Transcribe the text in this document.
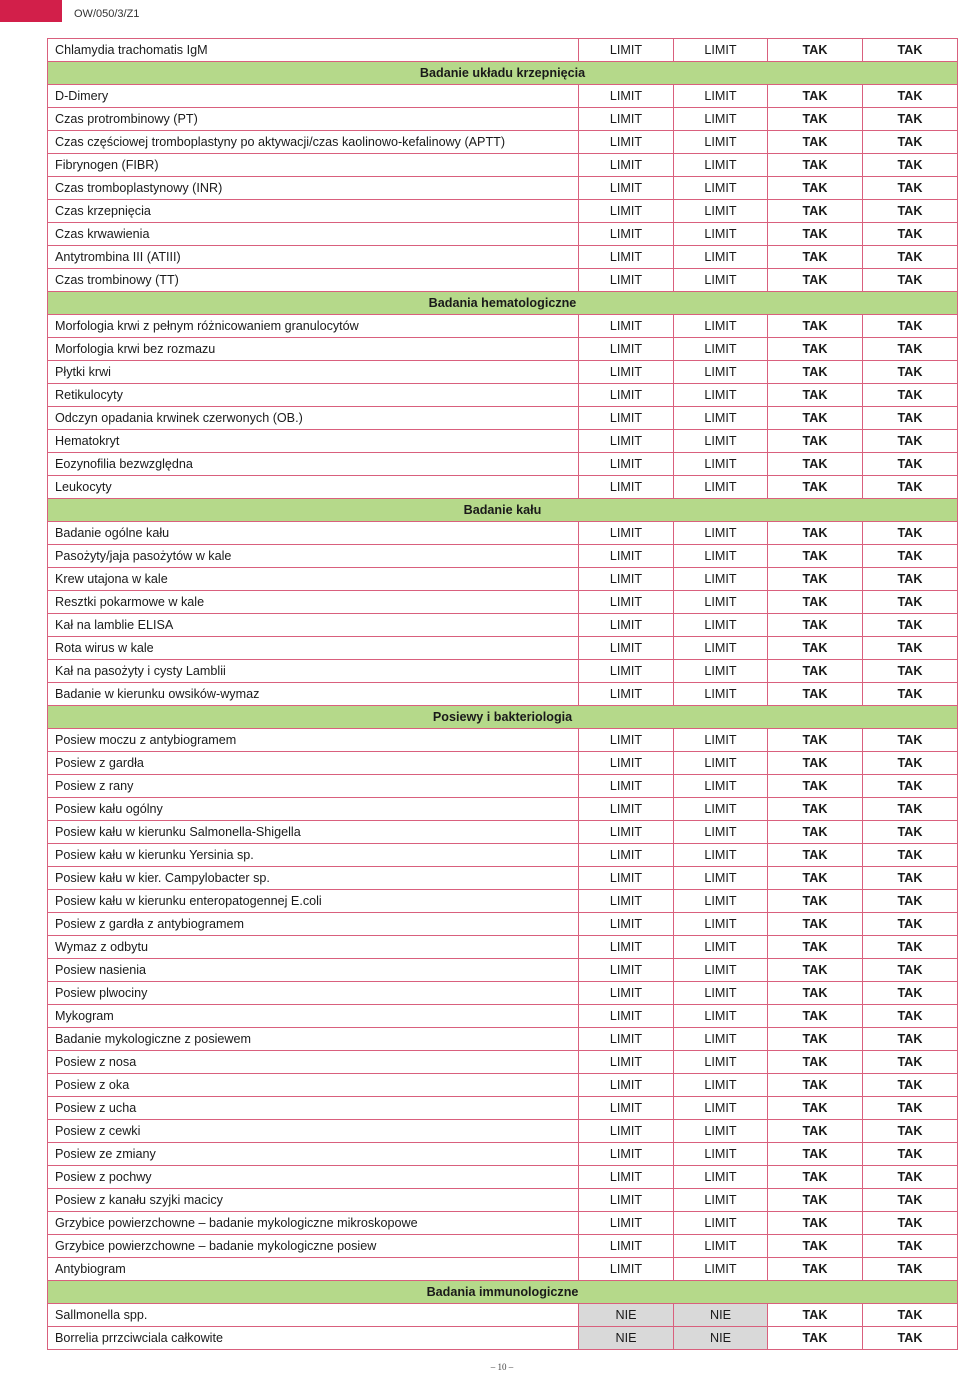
OW/050/3/Z1
Chlamydia trachomatis IgM	LIMIT	LIMIT	TAK	TAK
Badanie układu krzepnięcia				
D-Dimery	LIMIT	LIMIT	TAK	TAK
Czas protrombinowy (PT)	LIMIT	LIMIT	TAK	TAK
Czas częściowej tromboplastyny po aktywacji/czas kaolinowo-kefalinowy (APTT)	LIMIT	LIMIT	TAK	TAK
Fibrynogen (FIBR)	LIMIT	LIMIT	TAK	TAK
Czas tromboplastynowy (INR)	LIMIT	LIMIT	TAK	TAK
Czas krzepnięcia	LIMIT	LIMIT	TAK	TAK
Czas krwawienia	LIMIT	LIMIT	TAK	TAK
Antytrombina III (ATIII)	LIMIT	LIMIT	TAK	TAK
Czas trombinowy (TT)	LIMIT	LIMIT	TAK	TAK
Badania hematologiczne				
Morfologia krwi z pełnym różnicowaniem granulocytów	LIMIT	LIMIT	TAK	TAK
Morfologia krwi bez rozmazu	LIMIT	LIMIT	TAK	TAK
Płytki krwi	LIMIT	LIMIT	TAK	TAK
Retikulocyty	LIMIT	LIMIT	TAK	TAK
Odczyn opadania krwinek czerwonych (OB.)	LIMIT	LIMIT	TAK	TAK
Hematokryt	LIMIT	LIMIT	TAK	TAK
Eozynofilia bezwzględna	LIMIT	LIMIT	TAK	TAK
Leukocyty	LIMIT	LIMIT	TAK	TAK
Badanie kału				
Badanie ogólne kału	LIMIT	LIMIT	TAK	TAK
Pasożyty/jaja pasożytów w kale	LIMIT	LIMIT	TAK	TAK
Krew utajona w kale	LIMIT	LIMIT	TAK	TAK
Resztki pokarmowe w kale	LIMIT	LIMIT	TAK	TAK
Kał na lamblie ELISA	LIMIT	LIMIT	TAK	TAK
Rota wirus w kale	LIMIT	LIMIT	TAK	TAK
Kał na pasożyty i cysty Lamblii	LIMIT	LIMIT	TAK	TAK
Badanie w kierunku owsików-wymaz	LIMIT	LIMIT	TAK	TAK
Posiewy i bakteriologia				
Posiew moczu z antybiogramem	LIMIT	LIMIT	TAK	TAK
Posiew z gardła	LIMIT	LIMIT	TAK	TAK
Posiew z rany	LIMIT	LIMIT	TAK	TAK
Posiew kału ogólny	LIMIT	LIMIT	TAK	TAK
Posiew kału w kierunku Salmonella-Shigella	LIMIT	LIMIT	TAK	TAK
Posiew kału w kierunku Yersinia sp.	LIMIT	LIMIT	TAK	TAK
Posiew kału w kier. Campylobacter sp.	LIMIT	LIMIT	TAK	TAK
Posiew kału w kierunku enteropatogennej E.coli	LIMIT	LIMIT	TAK	TAK
Posiew z gardła z antybiogramem	LIMIT	LIMIT	TAK	TAK
Wymaz z odbytu	LIMIT	LIMIT	TAK	TAK
Posiew nasienia	LIMIT	LIMIT	TAK	TAK
Posiew plwociny	LIMIT	LIMIT	TAK	TAK
Mykogram	LIMIT	LIMIT	TAK	TAK
Badanie mykologiczne z posiewem	LIMIT	LIMIT	TAK	TAK
Posiew z nosa	LIMIT	LIMIT	TAK	TAK
Posiew z oka	LIMIT	LIMIT	TAK	TAK
Posiew z ucha	LIMIT	LIMIT	TAK	TAK
Posiew z cewki	LIMIT	LIMIT	TAK	TAK
Posiew ze zmiany	LIMIT	LIMIT	TAK	TAK
Posiew z pochwy	LIMIT	LIMIT	TAK	TAK
Posiew z kanału szyjki macicy	LIMIT	LIMIT	TAK	TAK
Grzybice powierzchowne – badanie mykologiczne mikroskopowe	LIMIT	LIMIT	TAK	TAK
Grzybice powierzchowne – badanie mykologiczne posiew	LIMIT	LIMIT	TAK	TAK
Antybiogram	LIMIT	LIMIT	TAK	TAK
Badania immunologiczne				
Sallmonella spp.	NIE	NIE	TAK	TAK
Borrelia prrzciwciala całkowite	NIE	NIE	TAK	TAK
– 10 –
